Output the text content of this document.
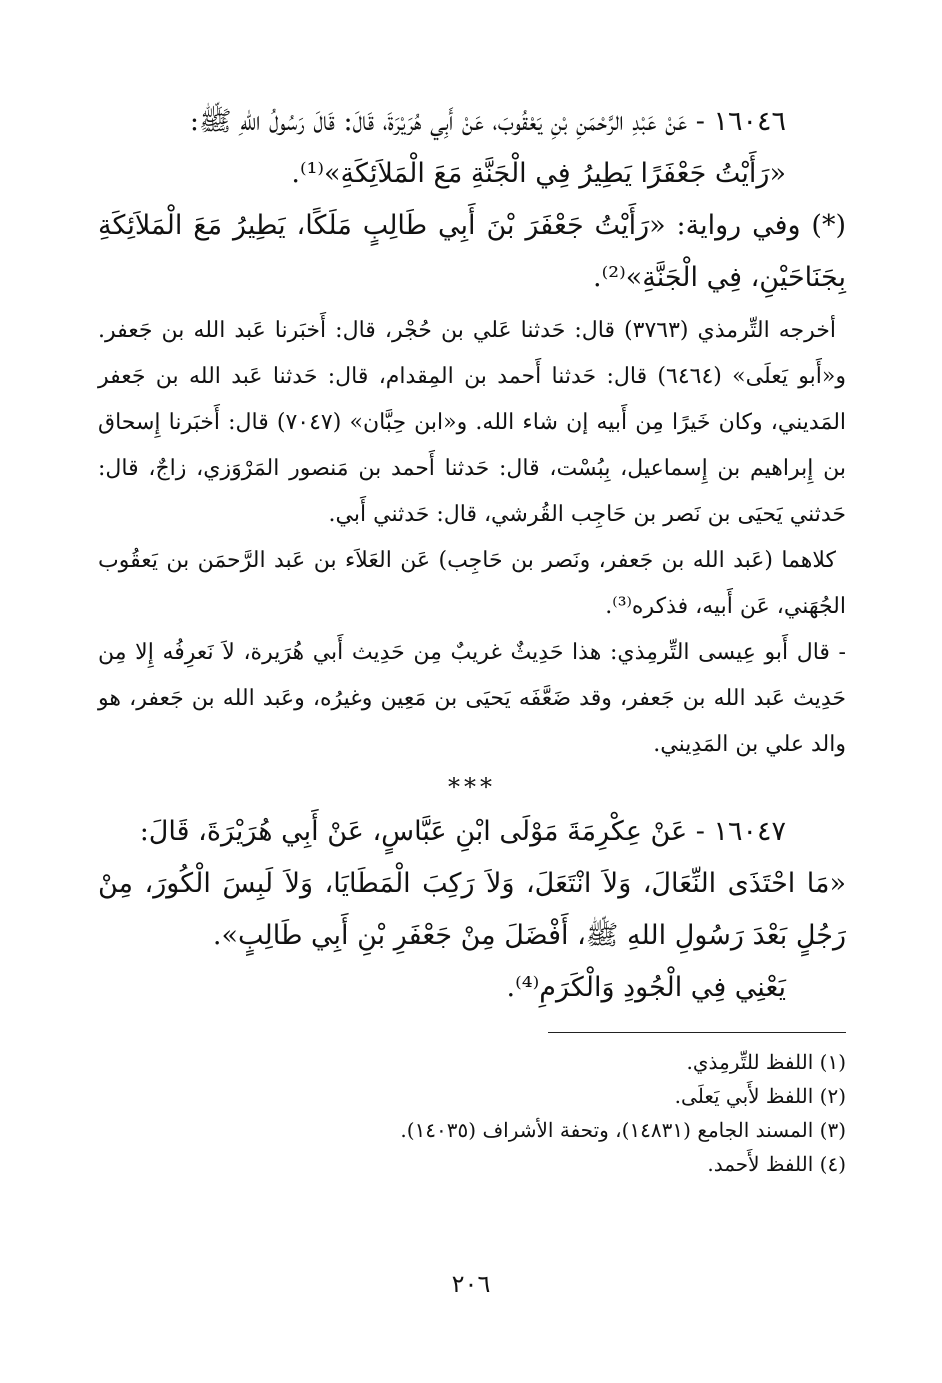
١٦٠٤٦ - عَنْ عَبْدِ الرَّحْمَنِ بْنِ يَعْقُوبَ، عَنْ أَبِي هُرَيْرَةَ، قَالَ: قَالَ رَسُولُ اللهِ ﷺ:

«رَأَيْتُ جَعْفَرًا يَطِيرُ فِي الْجَنَّةِ مَعَ الْمَلاَئِكَةِ»⁽¹⁾.

(*) وفي رواية: «رَأَيْتُ جَعْفَرَ بْنَ أَبِي طَالِبٍ مَلَكًا، يَطِيرُ مَعَ الْمَلاَئِكَةِ بِجَنَاحَيْنِ، فِي الْجَنَّةِ»⁽²⁾.

أخرجه التِّرمذي (٣٧٦٣) قال: حَدثنا عَلي بن حُجْر، قال: أَخبَرنا عَبد الله بن جَعفر. و«أَبو يَعلَى» (٦٤٦٤) قال: حَدثنا أَحمد بن المِقدام، قال: حَدثنا عَبد الله بن جَعفر المَديني، وكان خَيرًا مِن أَبيه إن شاء الله. و«ابن حِبَّان» (٧٠٤٧) قال: أَخبَرنا إِسحاق بن إِبراهيم بن إِسماعيل، بِبُسْت، قال: حَدثنا أَحمد بن مَنصور المَرْوَزي، زاجٌ، قال: حَدثني يَحيَى بن نَصر بن حَاجِب القُرشي، قال: حَدثني أَبي.

كلاهما (عَبد الله بن جَعفر، ونَصر بن حَاجِب) عَن العَلاَء بن عَبد الرَّحمَن بن يَعقُوب الجُهَني، عَن أَبيه، فذكره⁽³⁾.

- قال أَبو عِيسى التِّرمِذي: هذا حَدِيثٌ غريبٌ مِن حَدِيث أَبي هُرَيرة، لاَ نَعرِفُه إِلا مِن حَدِيث عَبد الله بن جَعفر، وقد ضَعَّفَه يَحيَى بن مَعِين وغيرُه، وعَبد الله بن جَعفر، هو والد علي بن المَدِيني.

***

١٦٠٤٧ - عَنْ عِكْرِمَةَ مَوْلَى ابْنِ عَبَّاسٍ، عَنْ أَبِي هُرَيْرَةَ، قَالَ:

«مَا احْتَذَى النِّعَالَ، وَلاَ انْتَعَلَ، وَلاَ رَكِبَ الْمَطَايَا، وَلاَ لَبِسَ الْكُورَ، مِنْ رَجُلٍ بَعْدَ رَسُولِ اللهِ ﷺ، أَفْضَلَ مِنْ جَعْفَرِ بْنِ أَبِي طَالِبٍ».

يَعْنِي فِي الْجُودِ وَالْكَرَمِ⁽⁴⁾.

(١) اللفظ للتِّرمِذي.
(٢) اللفظ لأَبي يَعلَى.
(٣) المسند الجامع (١٤٨٣١)، وتحفة الأشراف (١٤٠٣٥).
(٤) اللفظ لأَحمد.
٢٠٦
